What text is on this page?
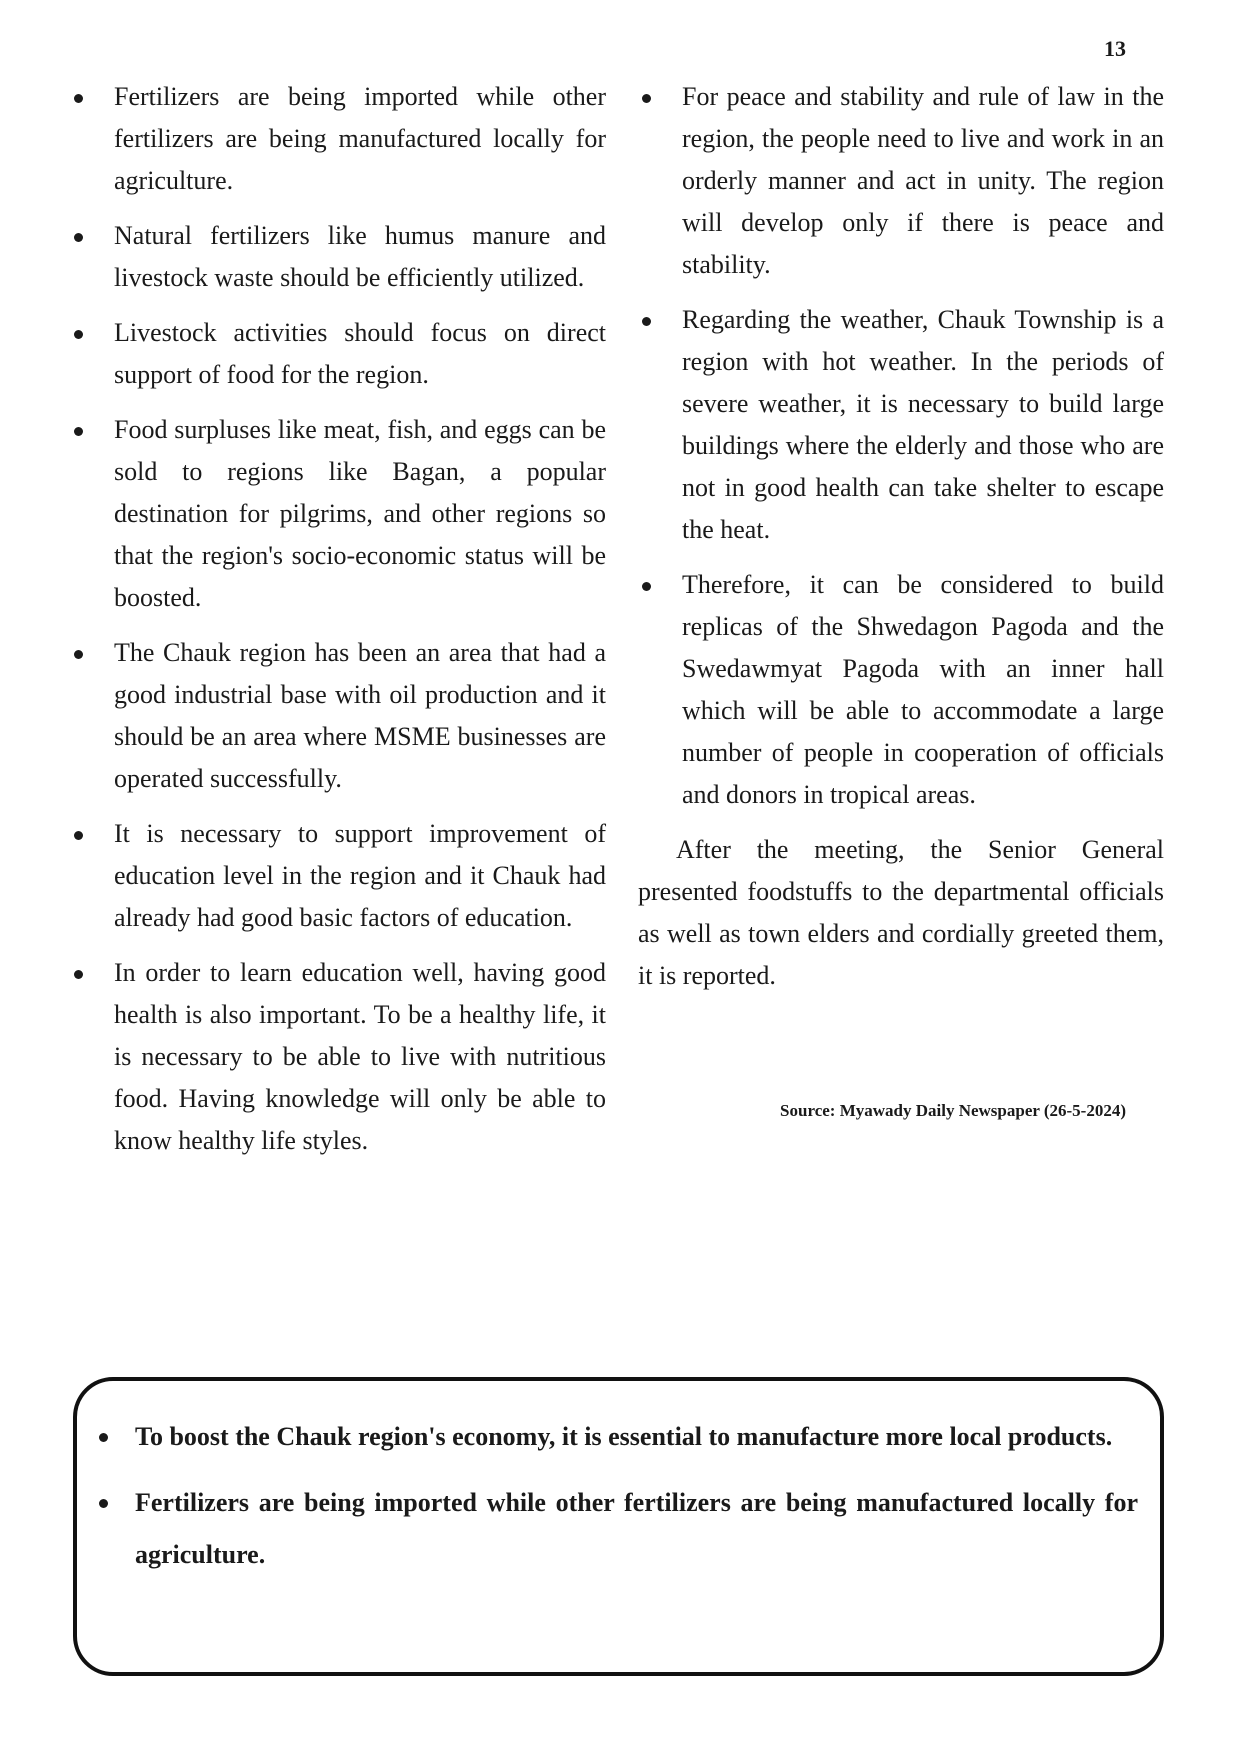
13
Fertilizers are being imported while other fertilizers are being manufactured locally for agriculture.
Natural fertilizers like humus manure and livestock waste should be efficiently utilized.
Livestock activities should focus on direct support of food for the region.
Food surpluses like meat, fish, and eggs can be sold to regions like Bagan, a popular destination for pilgrims, and other regions so that the region's socio-economic status will be boosted.
The Chauk region has been an area that had a good industrial base with oil production and it should be an area where MSME businesses are operated successfully.
It is necessary to support improvement of education level in the region and it Chauk had already had good basic factors of education.
In order to learn education well, having good health is also important. To be a healthy life, it is necessary to be able to live with nutritious food. Having knowledge will only be able to know healthy life styles.
For peace and stability and rule of law in the region, the people need to live and work in an orderly manner and act in unity. The region will develop only if there is peace and stability.
Regarding the weather, Chauk Township is a region with hot weather. In the periods of severe weather, it is necessary to build large buildings where the elderly and those who are not in good health can take shelter to escape the heat.
Therefore, it can be considered to build replicas of the Shwedagon Pagoda and the Swedawmyat Pagoda with an inner hall which will be able to accommodate a large number of people in cooperation of officials and donors in tropical areas.

After the meeting, the Senior General presented foodstuffs to the departmental officials as well as town elders and cordially greeted them, it is reported.

Source: Myawady Daily Newspaper (26-5-2024)
To boost the Chauk region's economy, it is essential to manufacture more local products.
Fertilizers are being imported while other fertilizers are being manufactured locally for agriculture.
